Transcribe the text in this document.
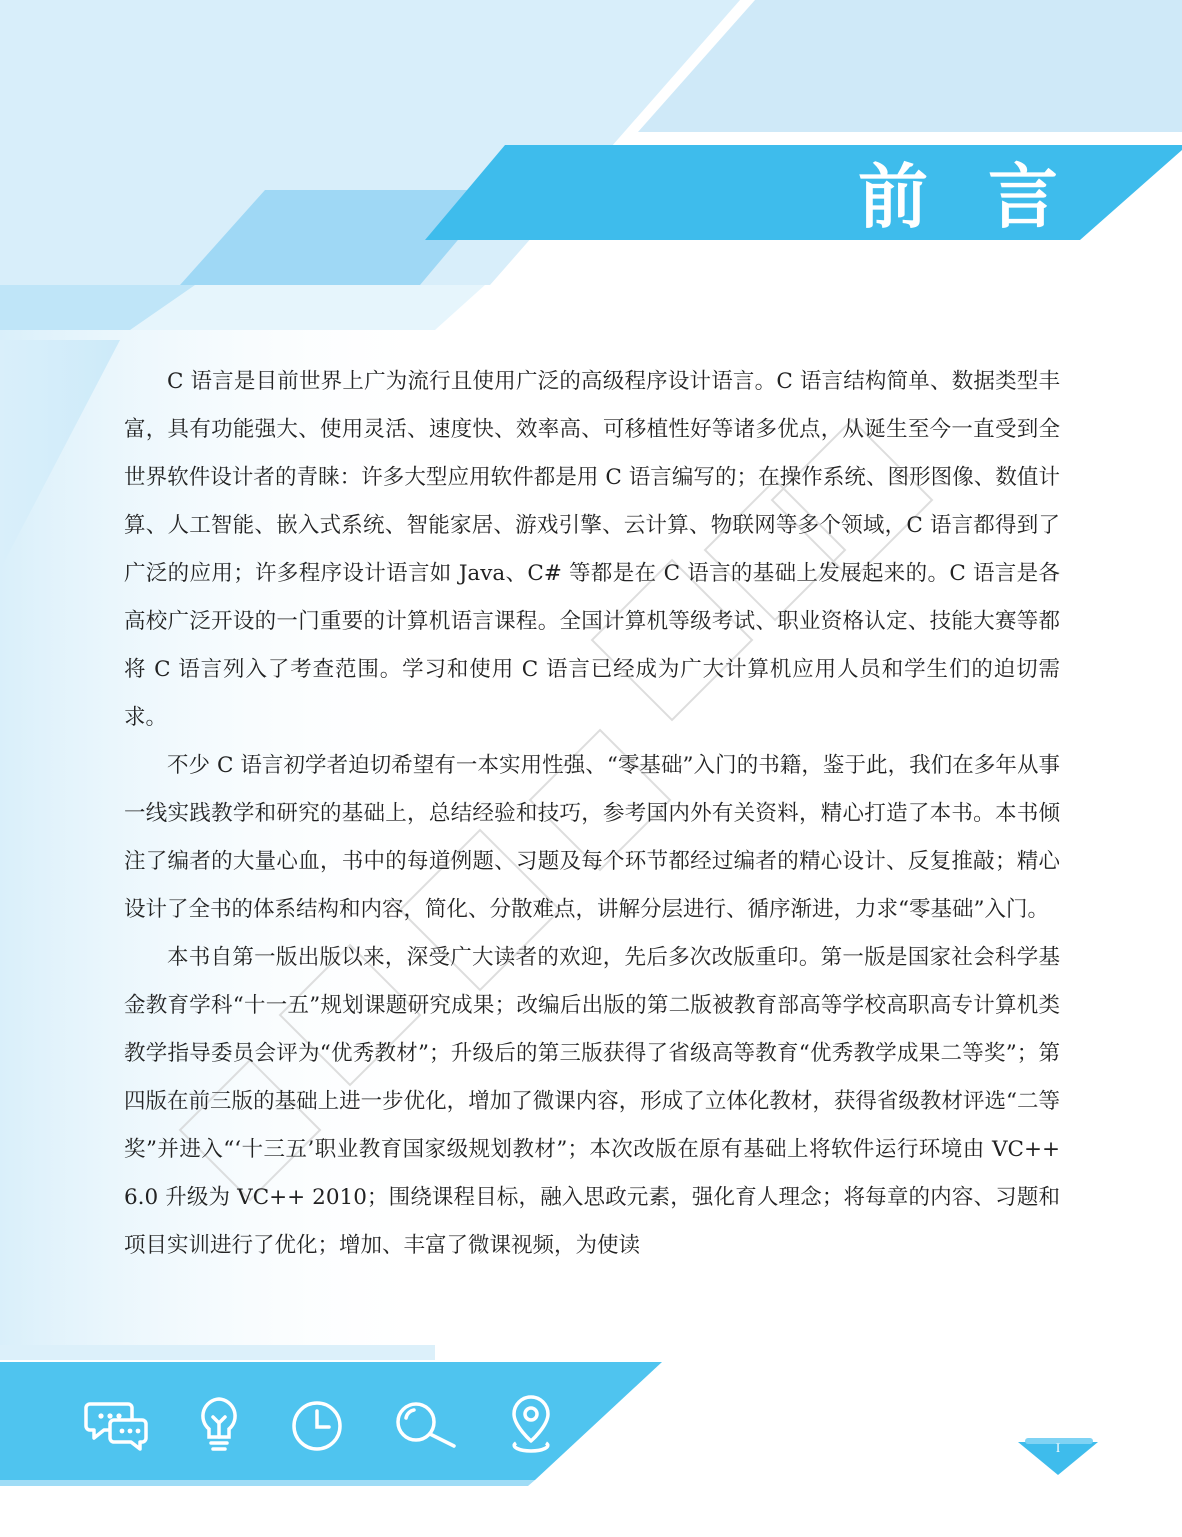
前言

C 语言是目前世界上广为流行且使用广泛的高级程序设计语言。C 语言结构简单、数据类型丰富，具有功能强大、使用灵活、速度快、效率高、可移植性好等诸多优点，从诞生至今一直受到全世界软件设计者的青睐：许多大型应用软件都是用 C 语言编写的；在操作系统、图形图像、数值计算、人工智能、嵌入式系统、智能家居、游戏引擎、云计算、物联网等多个领域，C 语言都得到了广泛的应用；许多程序设计语言如 Java、C# 等都是在 C 语言的基础上发展起来的。C 语言是各高校广泛开设的一门重要的计算机语言课程。全国计算机等级考试、职业资格认定、技能大赛等都将 C 语言列入了考查范围。学习和使用 C 语言已经成为广大计算机应用人员和学生们的迫切需求。

不少 C 语言初学者迫切希望有一本实用性强、“零基础”入门的书籍，鉴于此，我们在多年从事一线实践教学和研究的基础上，总结经验和技巧，参考国内外有关资料，精心打造了本书。本书倾注了编者的大量心血，书中的每道例题、习题及每个环节都经过编者的精心设计、反复推敲；精心设计了全书的体系结构和内容，简化、分散难点，讲解分层进行、循序渐进，力求“零基础”入门。

本书自第一版出版以来，深受广大读者的欢迎，先后多次改版重印。第一版是国家社会科学基金教育学科“十一五”规划课题研究成果；改编后出版的第二版被教育部高等学校高职高专计算机类教学指导委员会评为“优秀教材”；升级后的第三版获得了省级高等教育“优秀教学成果二等奖”；第四版在前三版的基础上进一步优化，增加了微课内容，形成了立体化教材，获得省级教材评选“二等奖”并进入“‘十三五’职业教育国家级规划教材”；本次改版在原有基础上将软件运行环境由 VC++ 6.0 升级为 VC++ 2010；围绕课程目标，融入思政元素，强化育人理念；将每章的内容、习题和项目实训进行了优化；增加、丰富了微课视频，为使读

I
